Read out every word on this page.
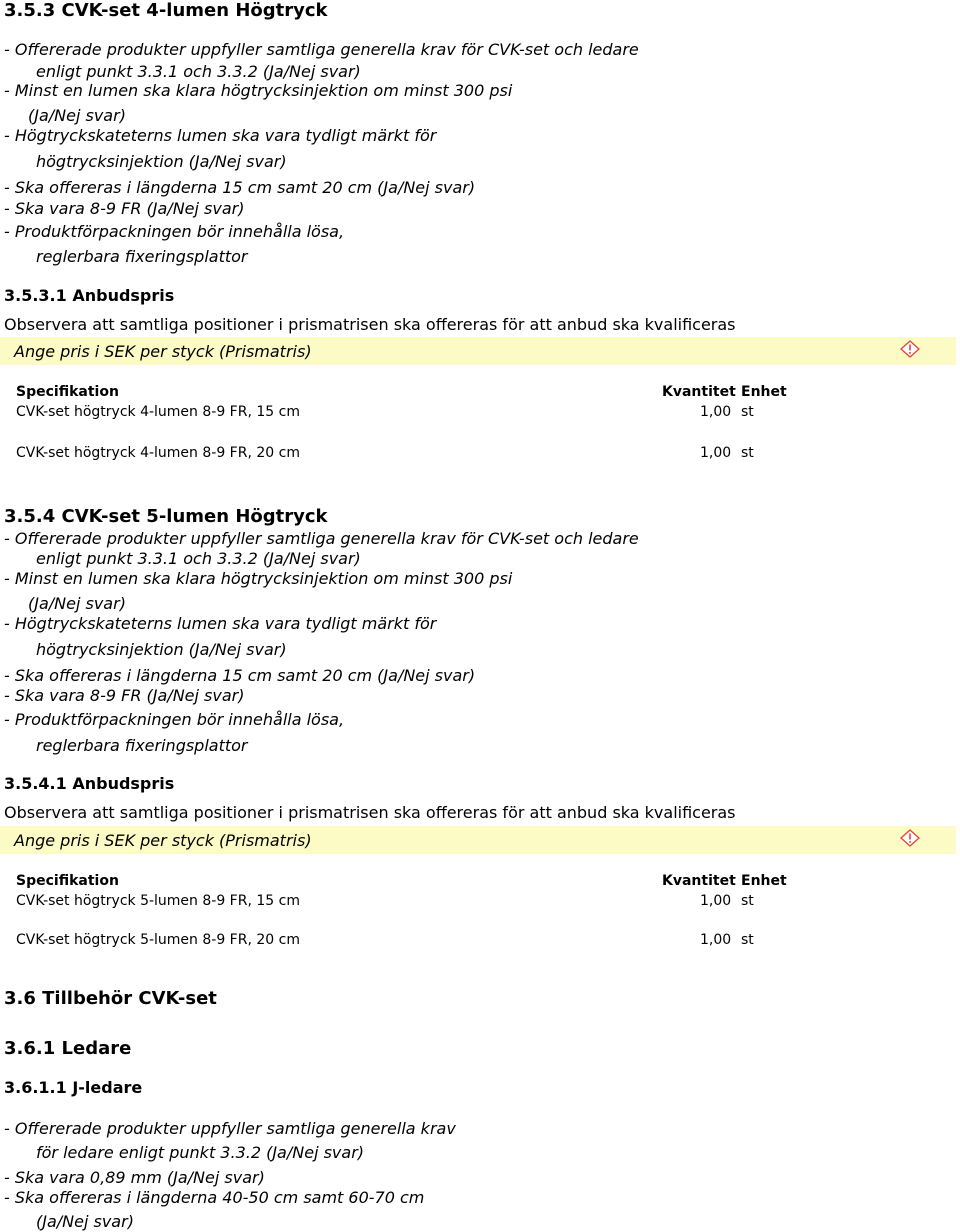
3.5.3 CVK-set 4-lumen Högtryck
- Offererade produkter uppfyller samtliga generella krav för CVK-set och ledare
enligt punkt 3.3.1 och 3.3.2 (Ja/Nej svar)
- Minst en lumen ska klara högtrycksinjektion om minst 300 psi
(Ja/Nej svar)
- Högtryckskateterns lumen ska vara tydligt märkt för
högtrycksinjektion (Ja/Nej svar)
- Ska offereras i längderna 15 cm samt 20 cm (Ja/Nej svar)
- Ska vara 8-9 FR (Ja/Nej svar)
- Produktförpackningen bör innehålla lösa,
reglerbara fixeringsplattor
3.5.3.1 Anbudspris
Observera att samtliga positioner i prismatrisen ska offereras för att anbud ska kvalificeras
Ange pris i SEK per styck (Prismatris)
Specifikation	Kvantitet Enhet
CVK-set högtryck 4-lumen 8-9 FR, 15 cm	1,00 st
CVK-set högtryck 4-lumen 8-9 FR, 20 cm	1,00 st
3.5.4 CVK-set 5-lumen Högtryck
- Offererade produkter uppfyller samtliga generella krav för CVK-set och ledare
enligt punkt 3.3.1 och 3.3.2 (Ja/Nej svar)
- Minst en lumen ska klara högtrycksinjektion om minst 300 psi
(Ja/Nej svar)
- Högtryckskateterns lumen ska vara tydligt märkt för
högtrycksinjektion (Ja/Nej svar)
- Ska offereras i längderna 15 cm samt 20 cm (Ja/Nej svar)
- Ska vara 8-9 FR (Ja/Nej svar)
- Produktförpackningen bör innehålla lösa,
reglerbara fixeringsplattor
3.5.4.1 Anbudspris
Observera att samtliga positioner i prismatrisen ska offereras för att anbud ska kvalificeras
Ange pris i SEK per styck (Prismatris)
Specifikation	Kvantitet Enhet
CVK-set högtryck 5-lumen 8-9 FR, 15 cm	1,00 st
CVK-set högtryck 5-lumen 8-9 FR, 20 cm	1,00 st
3.6 Tillbehör CVK-set
3.6.1 Ledare
3.6.1.1 J-ledare
- Offererade produkter uppfyller samtliga generella krav
för ledare enligt punkt 3.3.2 (Ja/Nej svar)
- Ska vara 0,89 mm (Ja/Nej svar)
- Ska offereras i längderna 40-50 cm samt 60-70 cm
(Ja/Nej svar)
